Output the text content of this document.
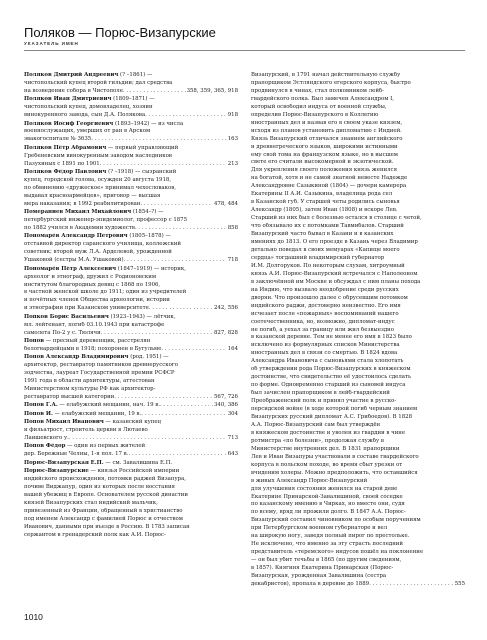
Поляков — Порюс-Визапурские
УКАЗАТЕЛЬ ИМЕН
Поляков Дмитрий Андреевич (? –1861) —
чистопольский купец второй гильдии; дал средства
на возведение собора в Чистополе . . .	358, 359, 365, 918
Поляков Иван Дмитриевич (1809–1871) —
чистопольский купец, домовладелец, хозяин
винокуренного завода, сын Д.А. Полякова . . .	918
Поляков Иосиф Георгиевич (1893–1942) — из числа
военнослужащих, умерших от ран в Арском
эвакогоспитале № 3635 . . .	163
Поляков Пётр Абрамович — первый управляющий
Гребеневским винокуренным заводом наследников
Пазухиных с 1891 по 1901 . . .	213
Поляков Фёдор Павлович (? –1918) — сызранский
купец, городской голова, осужден 20 августа 1918,
по обвинению «дружеское» принимал чехословаков,
выдавал красноармейцев», приговор — высшая
мера наказания; в 1992 реабилитирован . . .	478, 484
Помераниев Михаил Михайлович (1854–?) —
петербургский инженер-эпидемиолог, профессор с 1875
по 1882 учился в Академии художеств . . .	858
Пономарёв Александр Петрович (1805–1878) —
отставной директор саранского училища, коллежский
советник; второй муж Л.А. Арделевой, урожденной
Ушаковой (сестры М.А. Ушаковой) . . .	718
Пономарёв Пётр Алексеевич (1847–1919) — историк,
археолог и этнограф, дружил с Родионовским
институтом благородных девиц с 1868 по 1906,
в частной женской школе до 1911; один из учредителей
и почётных членов Общества археологии, истории
и этнографии при Казанском университете . . .	242, 556
Попков Борис Васильевич (1923–1943) — лётчик,
мл. лейтенант, погиб 03.10.1943 при катастрофе
самолета По-2 у с. Тюлячи . . .	827, 828
Попов — пресный деревенщик, расстрелян
белогвардейцами в 1918; похоронен в Бугульме . . .	164
Попов Александр Владимирович (род. 1951) —
архитектор, реставратор памятников древнерусского
зодчества, лауреат Государственной премии РСФСР
1991 года в области архитектуры, аттестован
Министерством культуры РФ как архитектор-
реставратор высшей категории . . .	567, 726
Попов Г.А. — елабужский мещанин, нач. 19 в. . . .	340, 386
Попов И. — елабужский мещанин, 19 в. . . .	304
Попов Михаил Иванович — казанский купец
и фильатрост, строитель церкви в Лютаево
Лаишевского у. . . .	713
Попов Фёдор — один из первых жителей
дер. Бережные Челны, 1-я пол. 17 в. . . .	643
Порюс-Визапурская Е.П. — см. Завалишина Е.П.
Порюс-Визапурские — князья Российской империи
индийского происхождения, потомки раджей Визапура,
почиве Виджапур, один из которых после восстания
вашей убежищ в Европе. Основателем русской династии
князей Визапурских стал индийский мальчик,
привезенный из Франции, обращенный в христианство
под именем Александр с фамилией Порюс и отчеством
Иванович, данными при въезде в Россию. В 1783 записан
сержантом в гренадерский полк как А.И. Порюс-
Визапурский, в 1791 начал действительную службу
прапорщиком Эстляндского егерского корпуса, быстро
продвинулся в чинах, стал полковником лейб-
гвардейского полка. Был замечен Александром I,
который освободил индуса от военной службы,
определив Порюс-Визапурского в Коллегию
иностранных дел и назвав его в своем указе князем,
исходя из планов установить дипломатию с Индией.
Князь Визапурский отличался знанием английского
и древнегреческого языков, широкими истинными
ему свой тома на французском языке, но в высшем
свете его считали высокомерной и экзотической.
Для укрепления своего положения князь женился
на богатой, хотя и не самой знатной невесте Надежде
Александровне Сазыкиной (1804) — дочери камерера
Екатерины II А.И. Сазыкина, владелица рода сел
в Казанской губ. У старшей четы родились сыновья
Александр (1805), затем Иван (1808) и вскоре Лев.
Старший из них был с болезнью остался в столице с четой,
что обязывало их с потомками Тавмибалов. Старший
Визапурский часто бывал в Казани и в казанских
имениях до 1813. О его проезде в Казань через Владимир
детально поведал в своих мемуарах «Капище моего
сердца» тогдашний владимирский губернатор
И.М. Долгоруков. По некоторым слухам, хитроумный
князь А.И. Порюс-Визапурский встречался с Наполеоном
в заключённой им Москве и обсуждал с ним планы похода
на Индию, что вызвало неодобрение среди русских
дворян. Что произошло далее с обрусевшим потомком
индийского раджи, достоверно неизвестно. Его имя
исчезает после «пожарных» воспоминаний нашего
соотечественника, но, возможно, дипломат-индус
не погиб, а уехал за границу или жил безвыездно
в казанской деревне. Тем не менее его имя в 1823 было
исключено из формулярных списков Министерства
иностранных дел в связи со смертью. В 1824 вдова
Александра Ивановича с сыновьями стала хлопотать
об утверждении рода Порюс-Визапурских в княжеском
достоинстве, что свидетельство её удостоилось сделать
по форме. Одновременно старший из сыновей индуса
был зачислен прапорщиком в лейб-гвардейский
Преображенский полк и принял участие в русско-
персидской войне (в ходе которой погиб черным знанием
Визапурских русский дипломат А.С. Грибоедов). В 1828
А.А. Порюс-Визапурский сам был утверждён
в княжеском достоинстве и уволен из гвардии в чине
ротмистра «по болезни», продолжая службу в
Министерстве внутренних дел. В 1831 прапорщики
Лев и Иван Визапуры участвовали в составе гвардейского
корпуса в польском походе, во время сбыт урезки от
вчиденим холеры. Можно предположить, что оставшийся
в живых Александр Порюс-Визапурский
для улучшения состояния женился на старой деве
Екатерине Принарской-Завалишиной, своей соседке
по казанскому имению в Чирках, но вместе они, судя
по всему, вряд ли прожили долго. В 1847 А.А. Порюс-
Визапурский составил чиновником по особым поручениям
при Петербургском военном губернаторе и вел
на широкую ногу, заведя полный пирог по престольке.
Не исключено, что именно за эту страсть последний
представитель «теремского» индусов пошёл на поклонение
— он был убит течьбы в 1865 (по другим сведениям,
в 1857). Княгиня Екатерина Принарская (Порюс-
Визапурская, урожденная Завалишина (сестра
декабристов), пропала в деревне до 1889 . . .	555
1010
